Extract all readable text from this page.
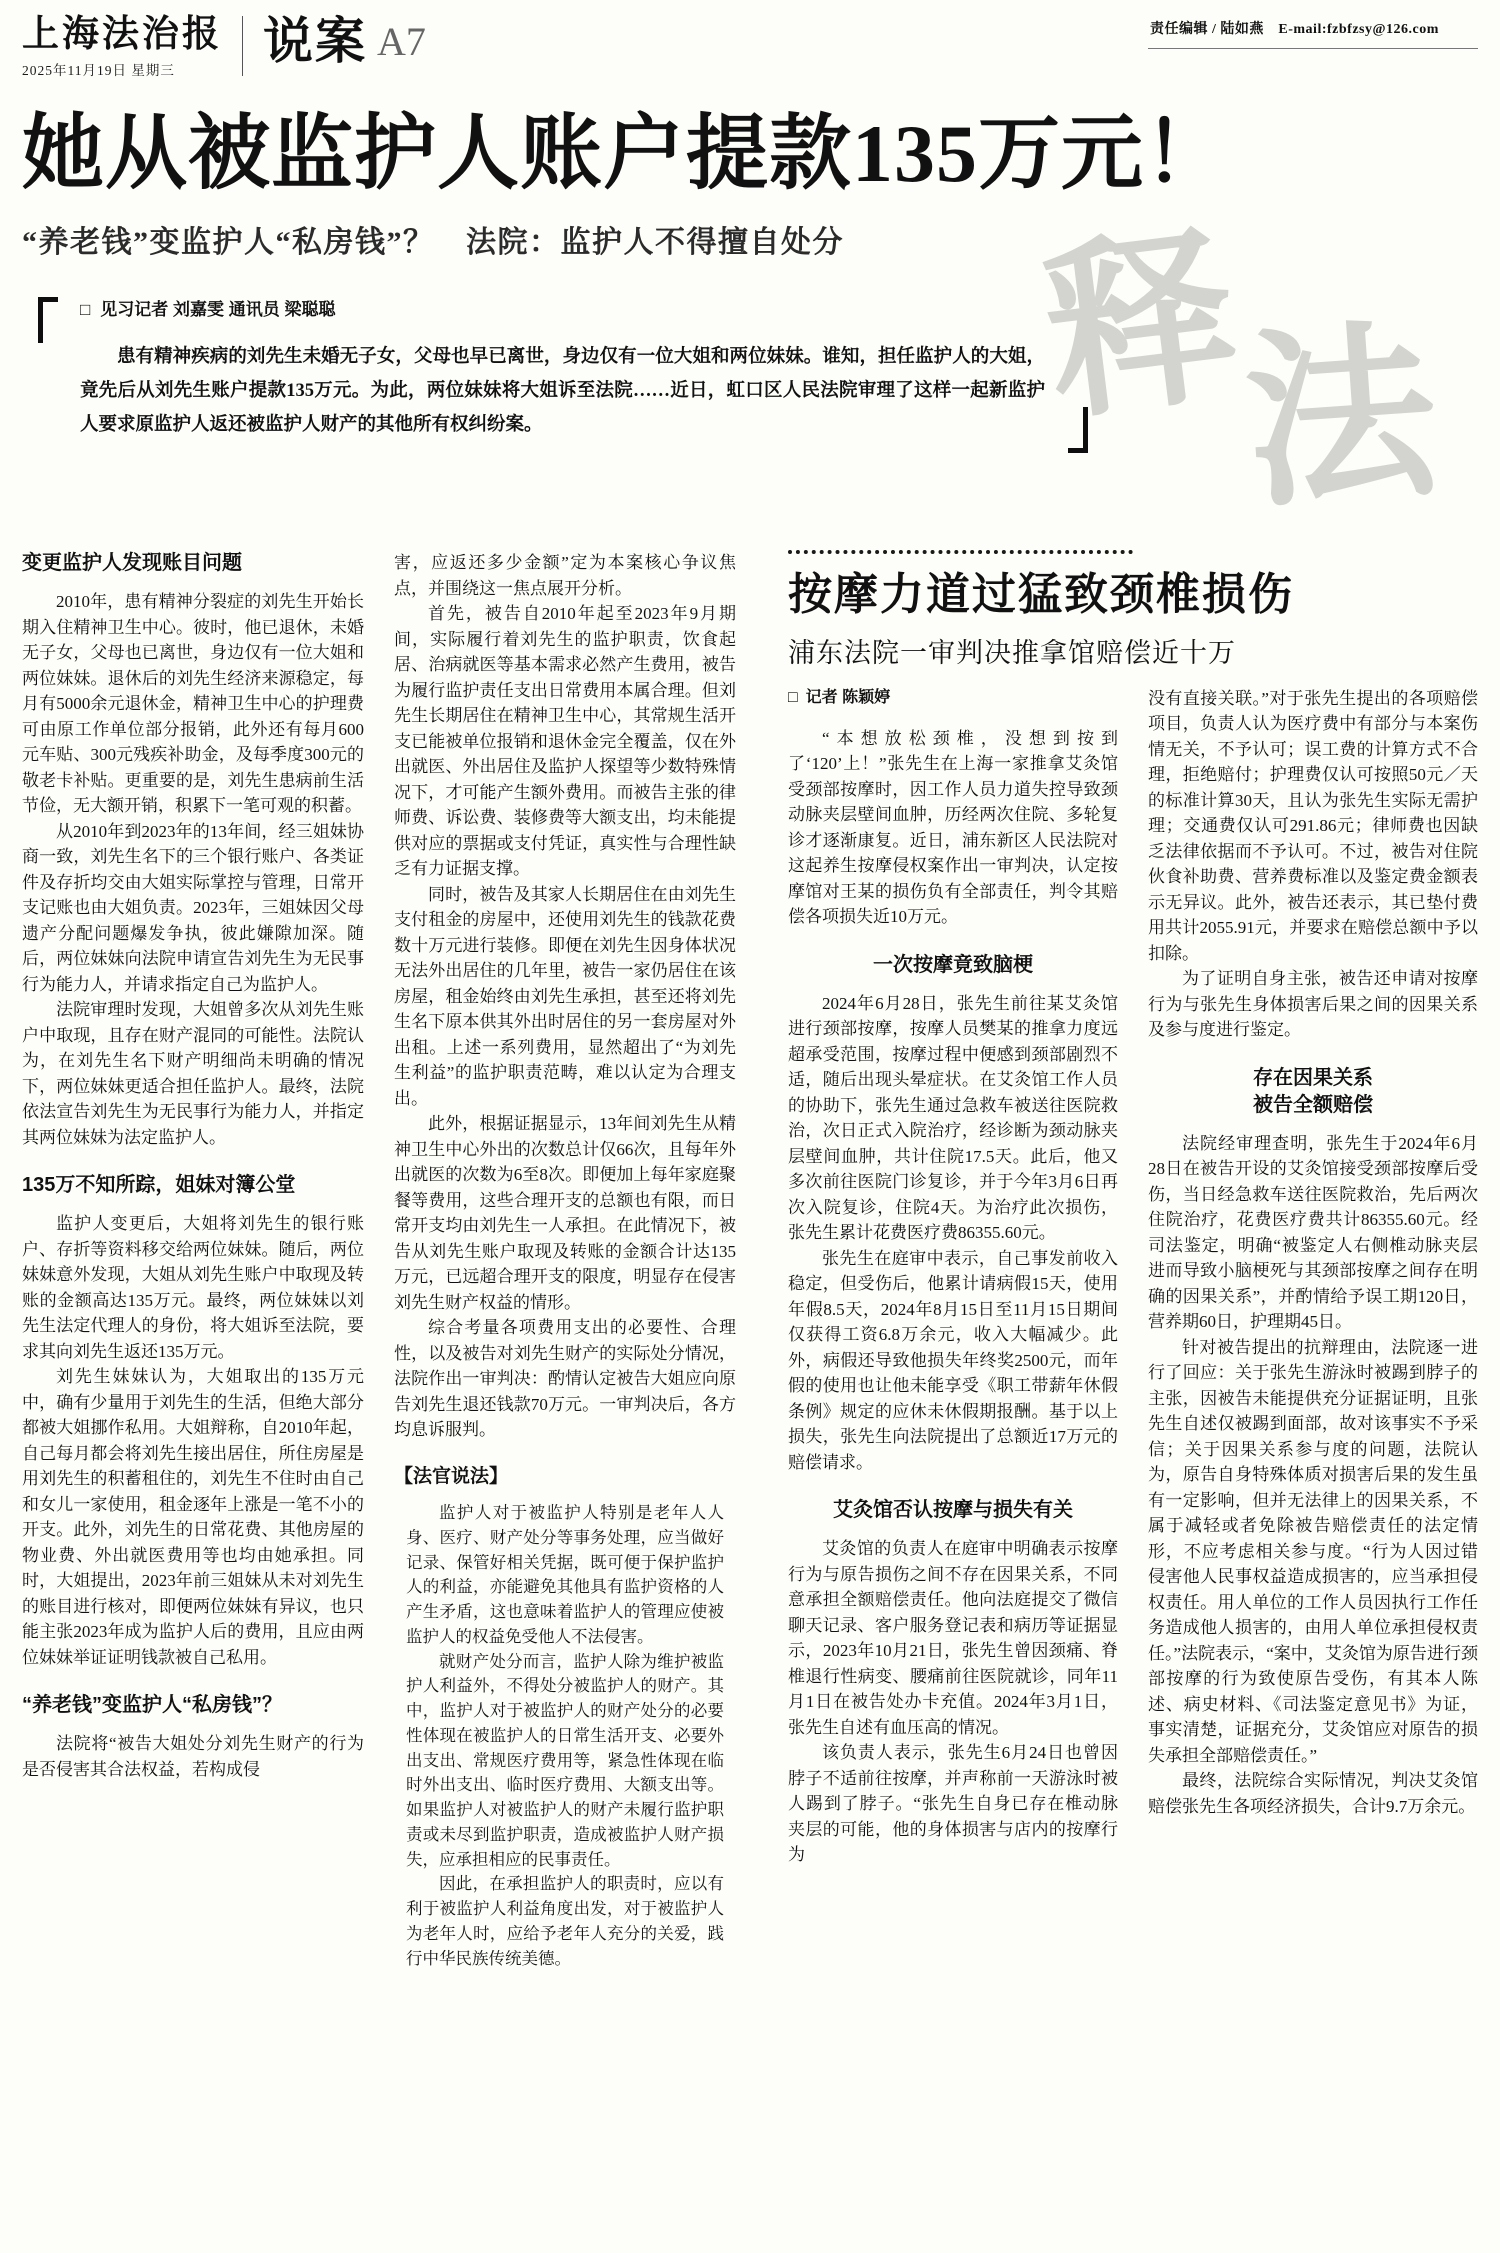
上海法治报
2025年11月19日 星期三
说案 A7	责任编辑 / 陆如燕　E-mail:fzbfzsy@126.com
她从被监护人账户提款135万元！
“养老钱”变监护人“私房钱”？　法院：监护人不得擅自处分
□ 见习记者 刘嘉雯 通讯员 梁聪聪
患有精神疾病的刘先生未婚无子女，父母也早已离世，身边仅有一位大姐和两位妹妹。谁知，担任监护人的大姐，竟先后从刘先生账户提款135万元。为此，两位妹妹将大姐诉至法院……近日，虹口区人民法院审理了这样一起新监护人要求原监护人返还被监护人财产的其他所有权纠纷案。	释
法
变更监护人发现账目问题
2010年，患有精神分裂症的刘先生开始长期入住精神卫生中心。彼时，他已退休，未婚无子女，父母也已离世，身边仅有一位大姐和两位妹妹。退休后的刘先生经济来源稳定，每月有5000余元退休金，精神卫生中心的护理费可由原工作单位部分报销，此外还有每月600元车贴、300元残疾补助金，及每季度300元的敬老卡补贴。更重要的是，刘先生患病前生活节俭，无大额开销，积累下一笔可观的积蓄。
从2010年到2023年的13年间，经三姐妹协商一致，刘先生名下的三个银行账户、各类证件及存折均交由大姐实际掌控与管理，日常开支记账也由大姐负责。2023年，三姐妹因父母遗产分配问题爆发争执，彼此嫌隙加深。随后，两位妹妹向法院申请宣告刘先生为无民事行为能力人，并请求指定自己为监护人。
法院审理时发现，大姐曾多次从刘先生账户中取现，且存在财产混同的可能性。法院认为，在刘先生名下财产明细尚未明确的情况下，两位妹妹更适合担任监护人。最终，法院依法宣告刘先生为无民事行为能力人，并指定其两位妹妹为法定监护人。
135万不知所踪，姐妹对簿公堂
监护人变更后，大姐将刘先生的银行账户、存折等资料移交给两位妹妹。随后，两位妹妹意外发现，大姐从刘先生账户中取现及转账的金额高达135万元。最终，两位妹妹以刘先生法定代理人的身份，将大姐诉至法院，要求其向刘先生返还135万元。
刘先生妹妹认为，大姐取出的135万元中，确有少量用于刘先生的生活，但绝大部分都被大姐挪作私用。大姐辩称，自2010年起，自己每月都会将刘先生接出居住，所住房屋是用刘先生的积蓄租住的，刘先生不住时由自己和女儿一家使用，租金逐年上涨是一笔不小的开支。此外，刘先生的日常花费、其他房屋的物业费、外出就医费用等也均由她承担。同时，大姐提出，2023年前三姐妹从未对刘先生的账目进行核对，即便两位妹妹有异议，也只能主张2023年成为监护人后的费用，且应由两位妹妹举证证明钱款被自己私用。
“养老钱”变监护人“私房钱”？
法院将“被告大姐处分刘先生财产的行为是否侵害其合法权益，若构成侵
害，应返还多少金额”定为本案核心争议焦点，并围绕这一焦点展开分析。
首先，被告自2010年起至2023年9月期间，实际履行着刘先生的监护职责，饮食起居、治病就医等基本需求必然产生费用，被告为履行监护责任支出日常费用本属合理。但刘先生长期居住在精神卫生中心，其常规生活开支已能被单位报销和退休金完全覆盖，仅在外出就医、外出居住及监护人探望等少数特殊情况下，才可能产生额外费用。而被告主张的律师费、诉讼费、装修费等大额支出，均未能提供对应的票据或支付凭证，真实性与合理性缺乏有力证据支撑。
同时，被告及其家人长期居住在由刘先生支付租金的房屋中，还使用刘先生的钱款花费数十万元进行装修。即便在刘先生因身体状况无法外出居住的几年里，被告一家仍居住在该房屋，租金始终由刘先生承担，甚至还将刘先生名下原本供其外出时居住的另一套房屋对外出租。上述一系列费用，显然超出了“为刘先生利益”的监护职责范畴，难以认定为合理支出。
此外，根据证据显示，13年间刘先生从精神卫生中心外出的次数总计仅66次，且每年外出就医的次数为6至8次。即便加上每年家庭聚餐等费用，这些合理开支的总额也有限，而日常开支均由刘先生一人承担。在此情况下，被告从刘先生账户取现及转账的金额合计达135万元，已远超合理开支的限度，明显存在侵害刘先生财产权益的情形。
综合考量各项费用支出的必要性、合理性，以及被告对刘先生财产的实际处分情况，法院作出一审判决：酌情认定被告大姐应向原告刘先生退还钱款70万元。一审判决后，各方均息诉服判。
【法官说法】
监护人对于被监护人特别是老年人人身、医疗、财产处分等事务处理，应当做好记录、保管好相关凭据，既可便于保护监护人的利益，亦能避免其他具有监护资格的人产生矛盾，这也意味着监护人的管理应使被监护人的权益免受他人不法侵害。
就财产处分而言，监护人除为维护被监护人利益外，不得处分被监护人的财产。其中，监护人对于被监护人的财产处分的必要性体现在被监护人的日常生活开支、必要外出支出、常规医疗费用等，紧急性体现在临时外出支出、临时医疗费用、大额支出等。如果监护人对被监护人的财产未履行监护职责或未尽到监护职责，造成被监护人财产损失，应承担相应的民事责任。
因此，在承担监护人的职责时，应以有利于被监护人利益角度出发，对于被监护人为老年人时，应给予老年人充分的关爱，践行中华民族传统美德。
按摩力道过猛致颈椎损伤
浦东法院一审判决推拿馆赔偿近十万
□ 记者 陈颖婷
“本想放松颈椎，没想到按到了‘120’上！”张先生在上海一家推拿艾灸馆受颈部按摩时，因工作人员力道失控导致颈动脉夹层壁间血肿，历经两次住院、多轮复诊才逐渐康复。近日，浦东新区人民法院对这起养生按摩侵权案作出一审判决，认定按摩馆对王某的损伤负有全部责任，判令其赔偿各项损失近10万元。
一次按摩竟致脑梗
2024年6月28日，张先生前往某艾灸馆进行颈部按摩，按摩人员樊某的推拿力度远超承受范围，按摩过程中便感到颈部剧烈不适，随后出现头晕症状。在艾灸馆工作人员的协助下，张先生通过急救车被送往医院救治，次日正式入院治疗，经诊断为颈动脉夹层壁间血肿，共计住院17.5天。此后，他又多次前往医院门诊复诊，并于今年3月6日再次入院复诊，住院4天。为治疗此次损伤，张先生累计花费医疗费86355.60元。
张先生在庭审中表示，自己事发前收入稳定，但受伤后，他累计请病假15天，使用年假8.5天，2024年8月15日至11月15日期间仅获得工资6.8万余元，收入大幅减少。此外，病假还导致他损失年终奖2500元，而年假的使用也让他未能享受《职工带薪年休假条例》规定的应休未休假期报酬。基于以上损失，张先生向法院提出了总额近17万元的赔偿请求。
艾灸馆否认按摩与损失有关
艾灸馆的负责人在庭审中明确表示按摩行为与原告损伤之间不存在因果关系，不同意承担全额赔偿责任。他向法庭提交了微信聊天记录、客户服务登记表和病历等证据显示，2023年10月21日，张先生曾因颈痛、脊椎退行性病变、腰痛前往医院就诊，同年11月1日在被告处办卡充值。2024年3月1日，张先生自述有血压高的情况。
该负责人表示，张先生6月24日也曾因脖子不适前往按摩，并声称前一天游泳时被人踢到了脖子。“张先生自身已存在椎动脉夹层的可能，他的身体损害与店内的按摩行为
没有直接关联。”对于张先生提出的各项赔偿项目，负责人认为医疗费中有部分与本案伤情无关，不予认可；误工费的计算方式不合理，拒绝赔付；护理费仅认可按照50元／天的标准计算30天，且认为张先生实际无需护理；交通费仅认可291.86元；律师费也因缺乏法律依据而不予认可。不过，被告对住院伙食补助费、营养费标准以及鉴定费金额表示无异议。此外，被告还表示，其已垫付费用共计2055.91元，并要求在赔偿总额中予以扣除。
为了证明自身主张，被告还申请对按摩行为与张先生身体损害后果之间的因果关系及参与度进行鉴定。
存在因果关系
被告全额赔偿
法院经审理查明，张先生于2024年6月28日在被告开设的艾灸馆接受颈部按摩后受伤，当日经急救车送往医院救治，先后两次住院治疗，花费医疗费共计86355.60元。经司法鉴定，明确“被鉴定人右侧椎动脉夹层进而导致小脑梗死与其颈部按摩之间存在明确的因果关系”，并酌情给予误工期120日，营养期60日，护理期45日。
针对被告提出的抗辩理由，法院逐一进行了回应：关于张先生游泳时被踢到脖子的主张，因被告未能提供充分证据证明，且张先生自述仅被踢到面部，故对该事实不予采信；关于因果关系参与度的问题，法院认为，原告自身特殊体质对损害后果的发生虽有一定影响，但并无法律上的因果关系，不属于减轻或者免除被告赔偿责任的法定情形，不应考虑相关参与度。“行为人因过错侵害他人民事权益造成损害的，应当承担侵权责任。用人单位的工作人员因执行工作任务造成他人损害的，由用人单位承担侵权责任。”法院表示，“案中，艾灸馆为原告进行颈部按摩的行为致使原告受伤，有其本人陈述、病史材料、《司法鉴定意见书》为证，事实清楚，证据充分，艾灸馆应对原告的损失承担全部赔偿责任。”
最终，法院综合实际情况，判决艾灸馆赔偿张先生各项经济损失，合计9.7万余元。
